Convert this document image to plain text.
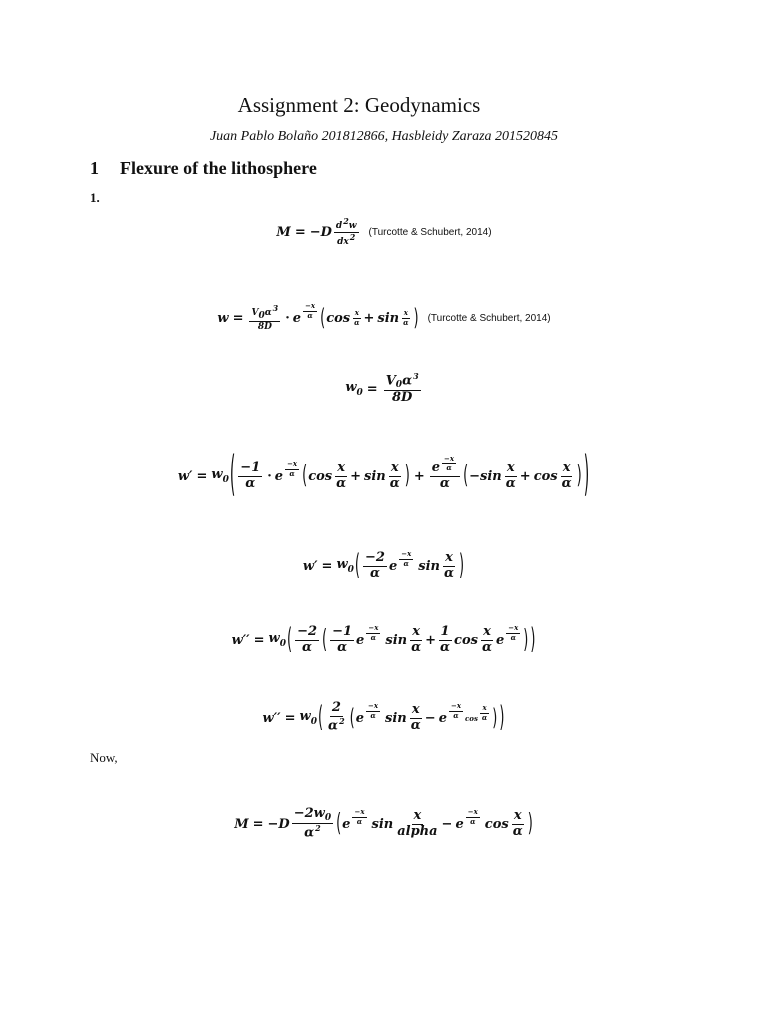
Assignment 2: Geodynamics
Juan Pablo Bolaño 201812866, Hasbleidy Zaraza 201520845
1 Flexure of the lithosphere
1.
M = − D $\frac{d2w}{dx2}$ (Turcotte & Schubert, 2014)
$w = \frac{V0\alpha 3}{8D} \cdot e \frac{-x}{\alpha}$ ( $\cos \frac{x}{\alpha} + \sin \frac{x}{\alpha}$ ) (Turcotte & Schubert, 2014)
$w0 = \frac{V0\alpha 3}{8D}$
w′ = w0 ( $\frac{-1}{\alpha} \cdot e \frac{-x}{\alpha}$ ( $\cos \frac{x}{\alpha} + \sin \frac{x}{\alpha}$ ) + $\frac{e \frac{-x}{\alpha}}{\alpha}$ ( − $\sin \frac{x}{\alpha} + \cos \frac{x}{\alpha}$ ) )
w′ = w0 ( $\frac{-2}{\alpha}$ e $\frac{-x}{\alpha}$ $\sin \frac{x}{\alpha}$ )
w′′ = w0 ( $\frac{-2}{\alpha}$ ( $\frac{-1}{\alpha}$ e $\frac{-x}{\alpha}$ $\sin \frac{x}{\alpha} + \frac{1}{\alpha}$ $\cos \frac{x}{\alpha}$ e $\frac{-x}{\alpha}$ ) )
w′′ = w0 ( $\frac{2}{\alpha 2}$ ( e $\frac{-x}{\alpha}$ $\sin \frac{x}{\alpha} - e \frac{-x}{\alpha}$ $\cos \frac{x}{\alpha}$ ) )
Now,
M = − D $\frac{-2w0}{\alpha 2}$ ( e $\frac{-x}{\alpha}$ $\sin \frac{x}{\text{alpha}} - e \frac{-x}{\alpha}$ $\cos \frac{x}{\alpha}$ )
